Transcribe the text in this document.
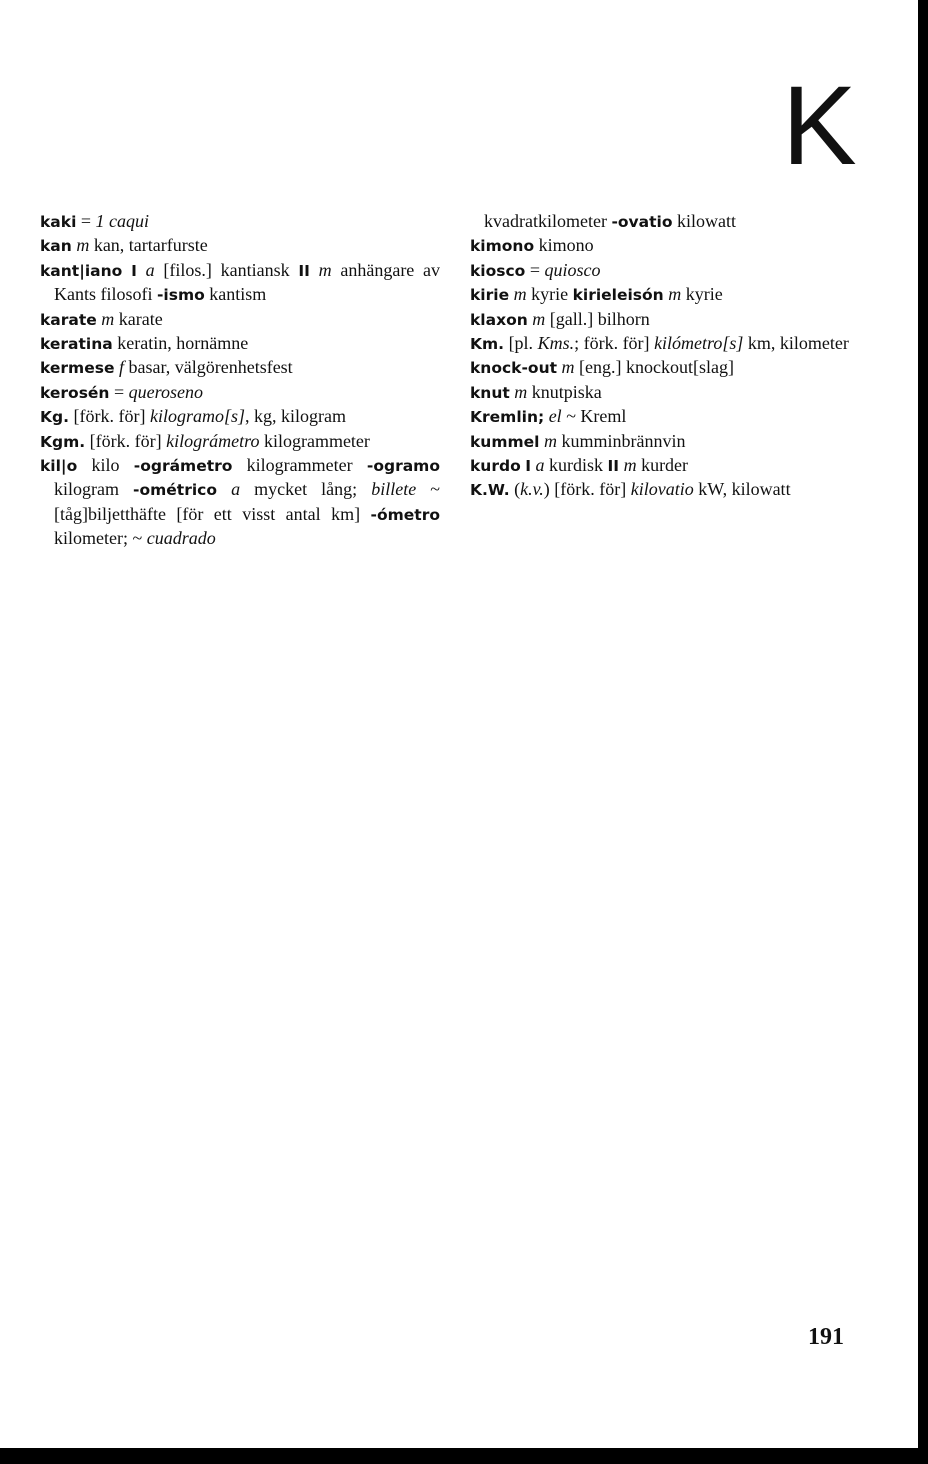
K

kaki = 1 caqui

kan m kan, tartarfurste

kant|iano I a [filos.] kantiansk II m anhängare av Kants filosofi -ismo kantism

karate m karate

keratina keratin, hornämne

kermese f basar, välgörenhetsfest

kerosén = queroseno

Kg. [förk. för] kilogramo[s], kg, kilogram

Kgm. [förk. för] kilográmetro kilogrammeter

kil|o kilo -ográmetro kilogrammeter -ogramo kilogram -ométrico a mycket lång; billete ~ [tåg]biljetthäfte [för ett visst antal km] -ómetro kilometer; ~ cuadrado

kvadratkilometer -ovatio kilowatt

kimono kimono

kiosco = quiosco

kirie m kyrie kirieleisón m kyrie

klaxon m [gall.] bilhorn

Km. [pl. Kms.; förk. för] kilómetro[s] km, kilometer

knock-out m [eng.] knockout[slag]

knut m knutpiska

Kremlin; el ~ Kreml

kummel m kumminbrännvin

kurdo I a kurdisk II m kurder

K.W. (k.v.) [förk. för] kilovatio kW, kilowatt

191
